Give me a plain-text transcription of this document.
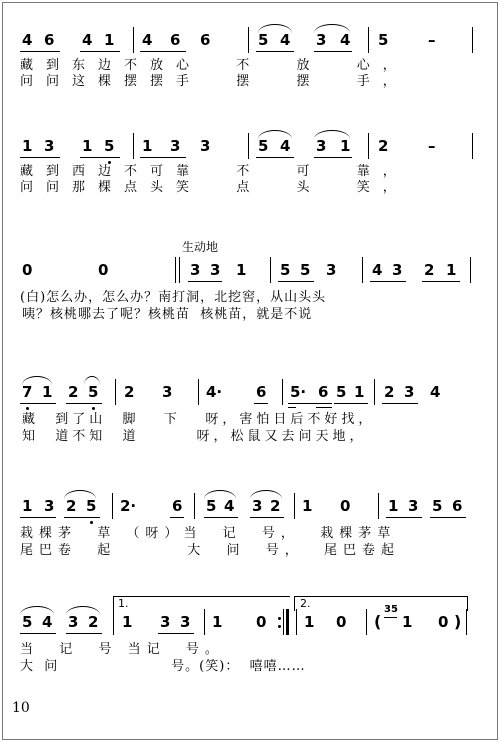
4 6 4 1 4 6 6	5 4 3 4 5	–
藏到东边不放心  不  放  心，
问问这棵摆摆手  摆  摆  手，
1 3 1 5 1 3 3	5 4 3 1 2	–
藏到西边不可靠  不  可  靠，
问问那棵点头笑  点  头  笑，
生动地
0	0	3 3 1 5 5 3 4 3 2 1
(白)怎么办，怎么办？南打洞，北挖窖，从山头头
咦？核桃哪去了呢？核桃苗  核桃苗，就是不说
7 1 2 5 2 3 4· 6 5· 6 5 1 2 3 4
藏  到了山  脚   下   呀，害怕日后不好找，
知  道不知  道       呀，松鼠又去问天地，
1 3 2 5 2· 6 5 4 3 2 1 0	1 3 5 6
栽棵茅  草 （呀）当  记  号，  栽棵茅草
尾巴卷  起       大  问  号，  尾巴卷起
1.	2.
5 4 3 2 1 3 3 1 0	1 0 (
35
1 0 )
当  记  号 当记  号。
大  问                      号。(笑)：  嘻嘻……
10
